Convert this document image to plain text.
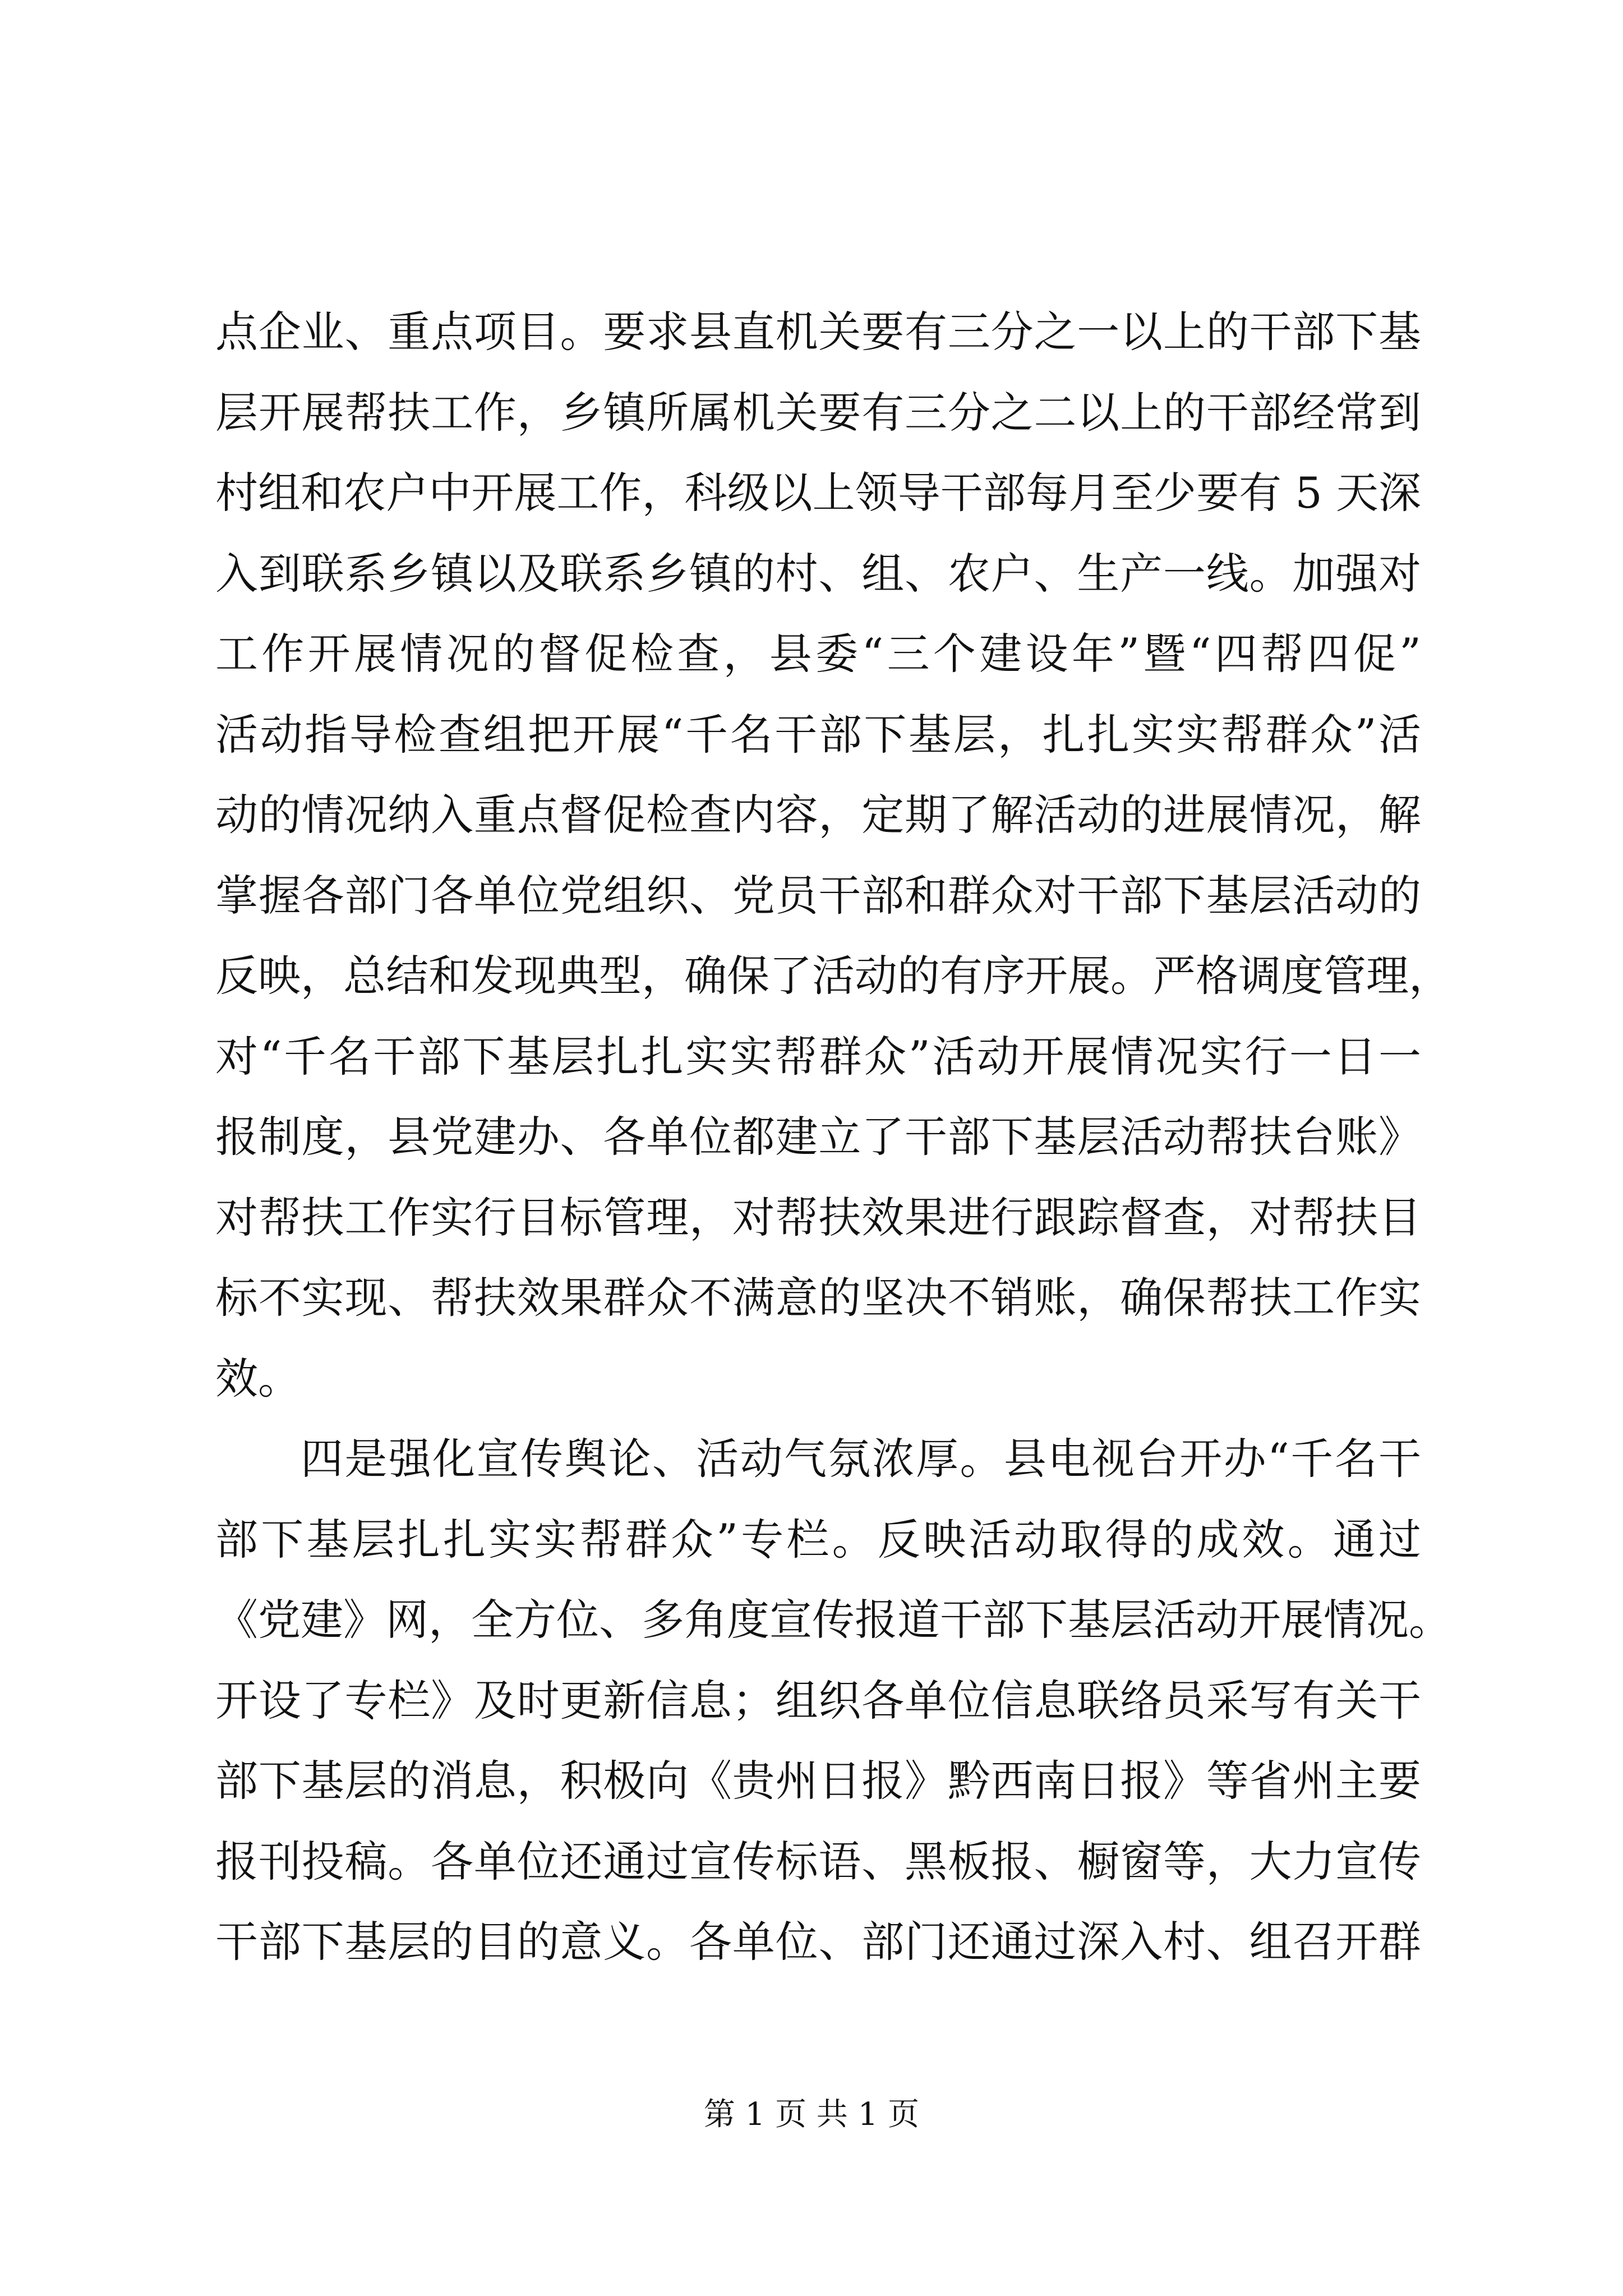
点企业、重点项目。要求县直机关要有三分之一以上的干部下基
层开展帮扶工作，乡镇所属机关要有三分之二以上的干部经常到
村组和农户中开展工作，科级以上领导干部每月至少要有 5 天深
入到联系乡镇以及联系乡镇的村、组、农户、生产一线。加强对
工作开展情况的督促检查，县委“三个建设年”暨“四帮四促”
活动指导检查组把开展“千名干部下基层，扎扎实实帮群众”活
动的情况纳入重点督促检查内容，定期了解活动的进展情况，解
掌握各部门各单位党组织、党员干部和群众对干部下基层活动的
反映，总结和发现典型，确保了活动的有序开展。严格调度管理，
对“千名干部下基层扎扎实实帮群众”活动开展情况实行一日一
报制度，县党建办、各单位都建立了干部下基层活动帮扶台账》
对帮扶工作实行目标管理，对帮扶效果进行跟踪督查，对帮扶目
标不实现、帮扶效果群众不满意的坚决不销账，确保帮扶工作实
效。
四是强化宣传舆论、活动气氛浓厚。县电视台开办“千名干
部下基层扎扎实实帮群众”专栏。反映活动取得的成效。通过
《党建》网，全方位、多角度宣传报道干部下基层活动开展情况。
开设了专栏》及时更新信息；组织各单位信息联络员采写有关干
部下基层的消息，积极向《贵州日报》黔西南日报》等省州主要
报刊投稿。各单位还通过宣传标语、黑板报、橱窗等，大力宣传
干部下基层的目的意义。各单位、部门还通过深入村、组召开群
第 1 页 共 1 页
